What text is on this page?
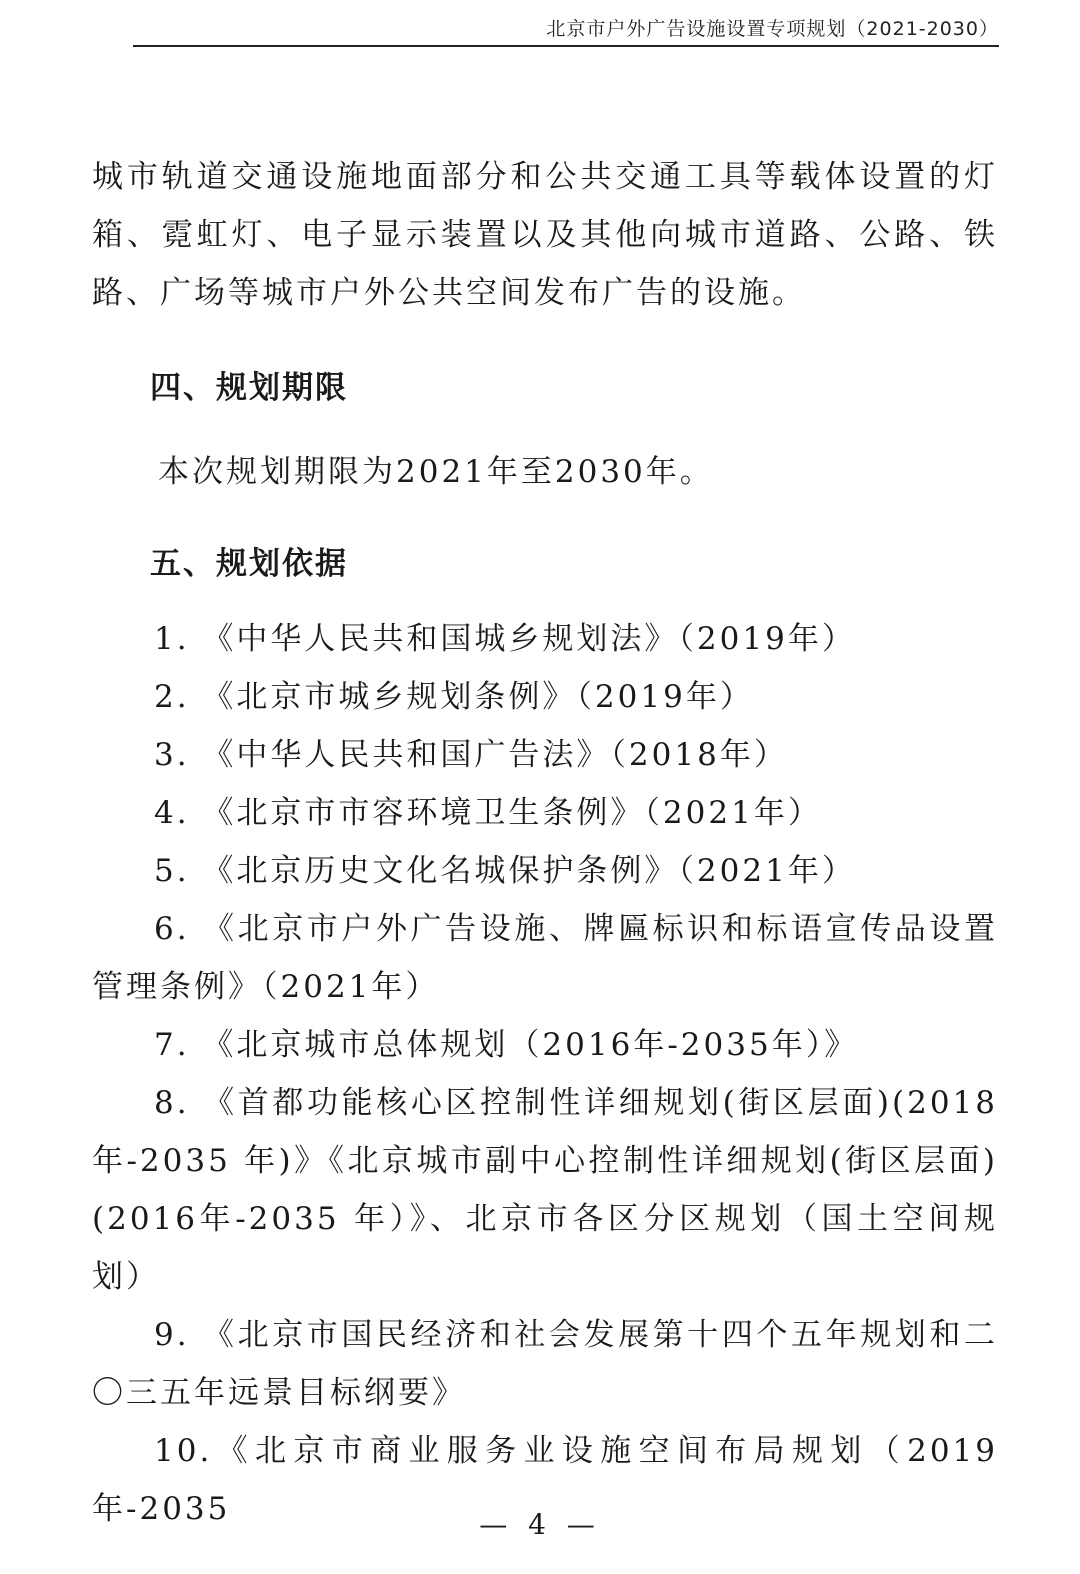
北京市户外广告设施设置专项规划（2021-2030）

城市轨道交通设施地面部分和公共交通工具等载体设置的灯箱、霓虹灯、电子显示装置以及其他向城市道路、公路、铁路、广场等城市户外公共空间发布广告的设施。

四、规划期限

本次规划期限为2021年至2030年。

五、规划依据
1. 《中华人民共和国城乡规划法》（2019年）
2. 《北京市城乡规划条例》（2019年）
3. 《中华人民共和国广告法》（2018年）
4. 《北京市市容环境卫生条例》（2021年）
5. 《北京历史文化名城保护条例》（2021年）
6. 《北京市户外广告设施、牌匾标识和标语宣传品设置管理条例》（2021年）
7. 《北京城市总体规划（2016年-2035年）》
8. 《首都功能核心区控制性详细规划(街区层面)(2018 年-2035 年)》《北京城市副中心控制性详细规划(街区层面)(2016年-2035 年）》、北京市各区分区规划（国土空间规划）
9. 《北京市国民经济和社会发展第十四个五年规划和二〇三五年远景目标纲要》
10.《北京市商业服务业设施空间布局规划（2019年-2035	— 4 —
